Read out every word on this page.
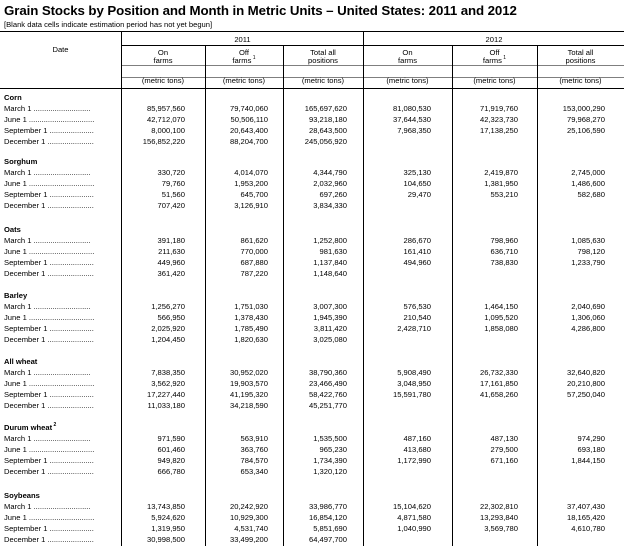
Grain Stocks by Position and Month in Metric Units – United States: 2011 and 2012
[Blank data cells indicate estimation period has not yet begun]
Date
2011	2012
On
farms
(metric tons)
Off
farms $^1$
(metric tons)
Total all
positions
(metric tons)
On
farms
(metric tons)
Off
farms $^1$
(metric tons)
Total all
positions
(metric tons)
Corn
March 1 ...........................	85,957,560	79,740,060	165,697,620	81,080,530	71,919,760	153,000,290
June 1 ...............................	42,712,070	50,506,110	93,218,180	37,644,530	42,323,730	79,968,270
September 1 .....................	8,000,100	20,643,400	28,643,500	7,968,350	17,138,250	25,106,590
December 1 ......................	156,852,220	88,204,700	245,056,920
Sorghum
March 1 ...........................	330,720	4,014,070	4,344,790	325,130	2,419,870	2,745,000
June 1 ...............................	79,760	1,953,200	2,032,960	104,650	1,381,950	1,486,600
September 1 .....................	51,560	645,700	697,260	29,470	553,210	582,680
December 1 ......................	707,420	3,126,910	3,834,330
Oats
March 1 ...........................	391,180	861,620	1,252,800	286,670	798,960	1,085,630
June 1 ...............................	211,630	770,000	981,630	161,410	636,710	798,120
September 1 .....................	449,960	687,880	1,137,840	494,960	738,830	1,233,790
December 1 ......................	361,420	787,220	1,148,640
Barley
March 1 ...........................	1,256,270	1,751,030	3,007,300	576,530	1,464,150	2,040,690
June 1 ...............................	566,950	1,378,430	1,945,390	210,540	1,095,520	1,306,060
September 1 .....................	2,025,920	1,785,490	3,811,420	2,428,710	1,858,080	4,286,800
December 1 ......................	1,204,450	1,820,630	3,025,080
All wheat
March 1 ...........................	7,838,350	30,952,020	38,790,360	5,908,490	26,732,330	32,640,820
June 1 ...............................	3,562,920	19,903,570	23,466,490	3,048,950	17,161,850	20,210,800
September 1 .....................	17,227,440	41,195,320	58,422,760	15,591,780	41,658,260	57,250,040
December 1 ......................	11,033,180	34,218,590	45,251,770
Durum wheat $^2$
March 1 ...........................	971,590	563,910	1,535,500	487,160	487,130	974,290
June 1 ...............................	601,460	363,760	965,230	413,680	279,500	693,180
September 1 .....................	949,820	784,570	1,734,390	1,172,990	671,160	1,844,150
December 1 ......................	666,780	653,340	1,320,120
Soybeans
March 1 ...........................	13,743,850	20,242,920	33,986,770	15,104,620	22,302,810	37,407,430
June 1 ...............................	5,924,620	10,929,300	16,854,120	4,871,580	13,293,840	18,165,420
September 1 .....................	1,319,950	4,531,740	5,851,690	1,040,990	3,569,780	4,610,780
December 1 ......................	30,998,500	33,499,200	64,497,700
